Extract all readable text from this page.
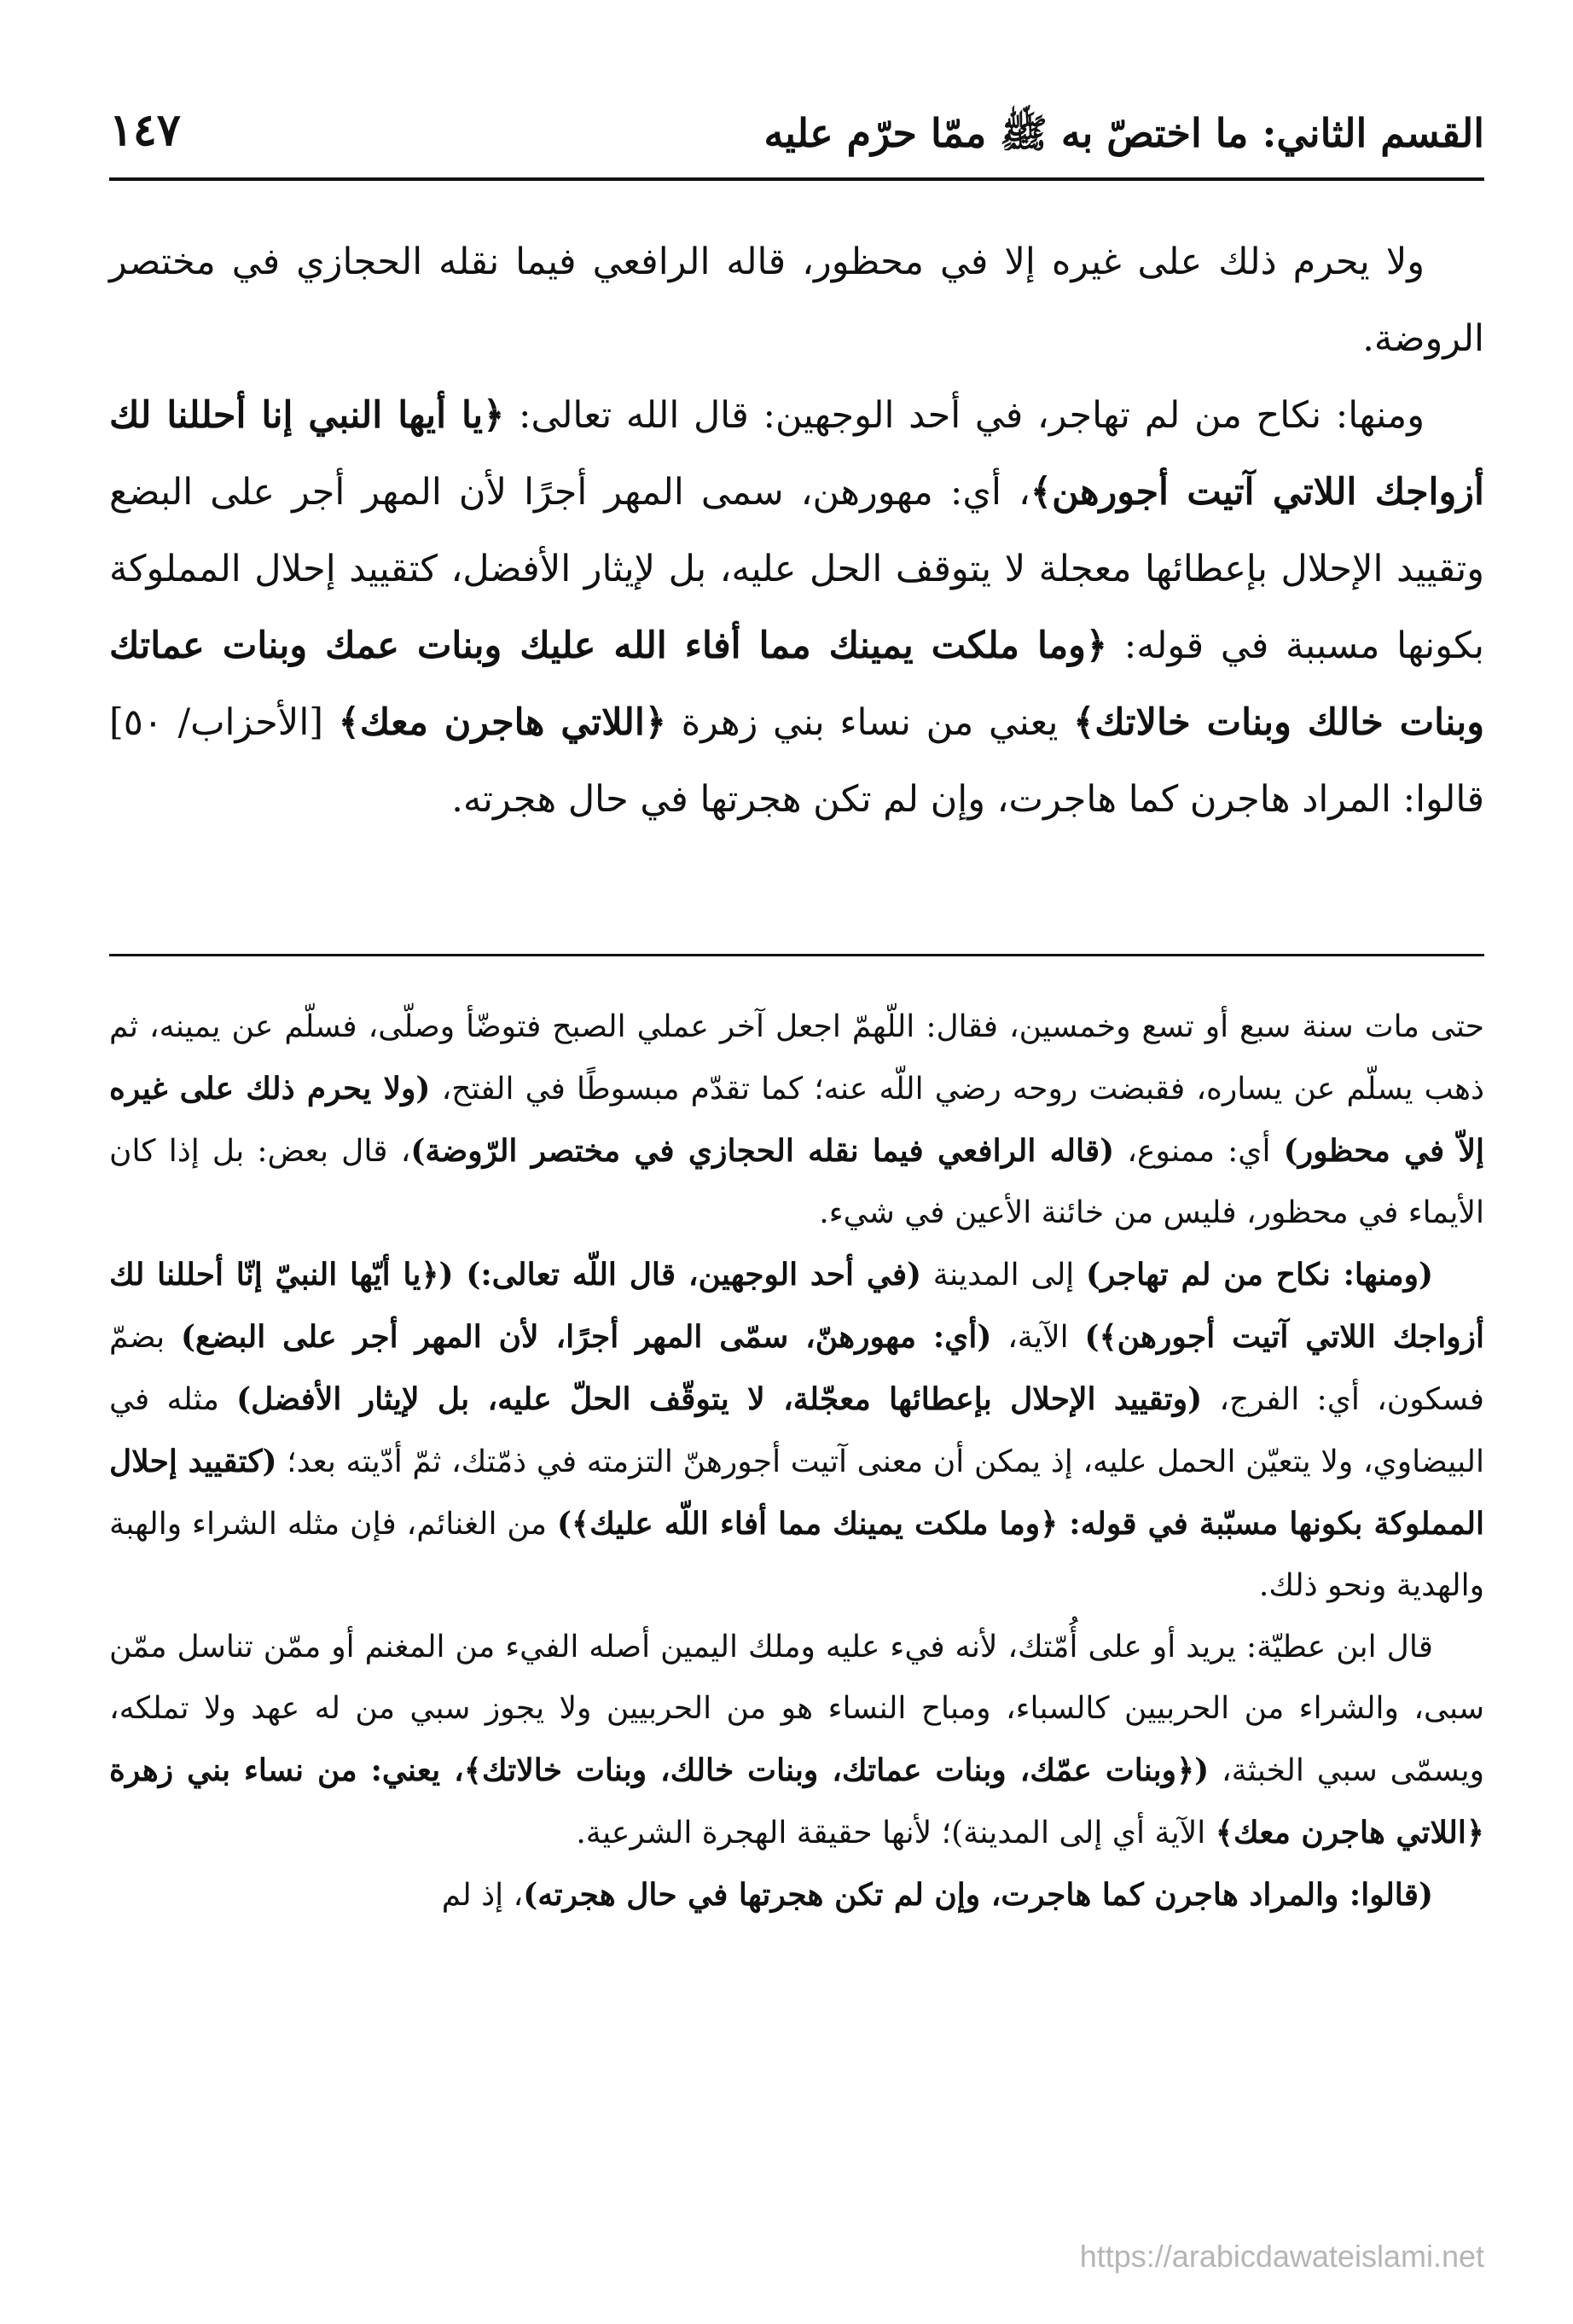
القسم الثاني: ما اختصّ به ﷺ ممّا حرّم عليه
١٤٧

ولا يحرم ذلك على غيره إلا في محظور، قاله الرافعي فيما نقله الحجازي في مختصر الروضة.

ومنها: نكاح من لم تهاجر، في أحد الوجهين: قال الله تعالى: ﴿يا أيها النبي إنا أحللنا لك أزواجك اللاتي آتيت أجورهن﴾، أي: مهورهن، سمى المهر أجرًا لأن المهر أجر على البضع وتقييد الإحلال بإعطائها معجلة لا يتوقف الحل عليه، بل لإيثار الأفضل، كتقييد إحلال المملوكة بكونها مسببة في قوله: ﴿وما ملكت يمينك مما أفاء الله عليك وبنات عمك وبنات عماتك وبنات خالك وبنات خالاتك﴾ يعني من نساء بني زهرة ﴿اللاتي هاجرن معك﴾ [الأحزاب/ ٥٠] قالوا: المراد هاجرن كما هاجرت، وإن لم تكن هجرتها في حال هجرته.

حتى مات سنة سبع أو تسع وخمسين، فقال: اللّهمّ اجعل آخر عملي الصبح فتوضّأ وصلّى، فسلّم عن يمينه، ثم ذهب يسلّم عن يساره، فقبضت روحه رضي اللّه عنه؛ كما تقدّم مبسوطًا في الفتح، (ولا يحرم ذلك على غيره إلاّ في محظور) أي: ممنوع، (قاله الرافعي فيما نقله الحجازي في مختصر الرّوضة)، قال بعض: بل إذا كان الأيماء في محظور، فليس من خائنة الأعين في شيء.

(ومنها: نكاح من لم تهاجر) إلى المدينة (في أحد الوجهين، قال اللّه تعالى:) (﴿يا أيّها النبيّ إنّا أحللنا لك أزواجك اللاتي آتيت أجورهن﴾) الآية، (أي: مهورهنّ، سمّى المهر أجرًا، لأن المهر أجر على البضع) بضمّ فسكون، أي: الفرج، (وتقييد الإحلال بإعطائها معجّلة، لا يتوقّف الحلّ عليه، بل لإيثار الأفضل) مثله في البيضاوي، ولا يتعيّن الحمل عليه، إذ يمكن أن معنى آتيت أجورهنّ التزمته في ذمّتك، ثمّ أدّيته بعد؛ (كتقييد إحلال المملوكة بكونها مسبّبة في قوله: ﴿وما ملكت يمينك مما أفاء اللّه عليك﴾) من الغنائم، فإن مثله الشراء والهبة والهدية ونحو ذلك.

قال ابن عطيّة: يريد أو على أُمّتك، لأنه فيء عليه وملك اليمين أصله الفيء من المغنم أو ممّن تناسل ممّن سبى، والشراء من الحربيين كالسباء، ومباح النساء هو من الحربيين ولا يجوز سبي من له عهد ولا تملكه، ويسمّى سبي الخبثة، (﴿وبنات عمّك، وبنات عماتك، وبنات خالك، وبنات خالاتك﴾، يعني: من نساء بني زهرة ﴿اللاتي هاجرن معك﴾ الآية أي إلى المدينة)؛ لأنها حقيقة الهجرة الشرعية.

(قالوا: والمراد هاجرن كما هاجرت، وإن لم تكن هجرتها في حال هجرته)، إذ لم

https://arabicdawateislami.net
